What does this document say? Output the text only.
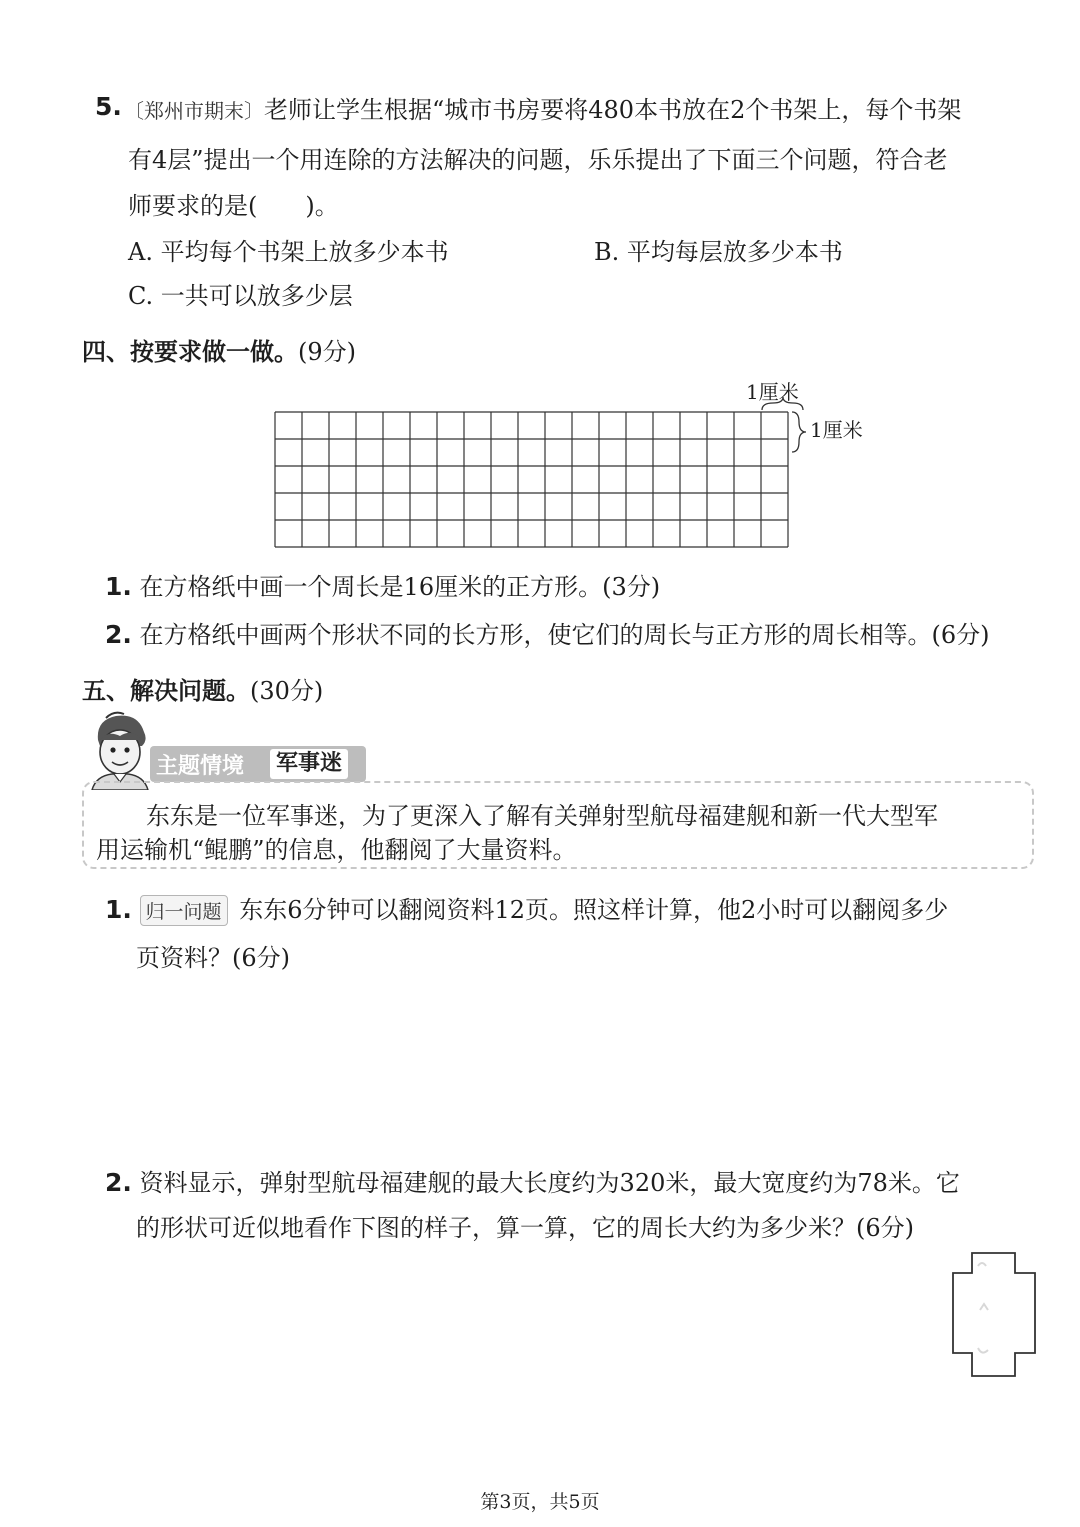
5. 〔郑州市期末〕老师让学生根据“城市书房要将480本书放在2个书架上，每个书架
有4层”提出一个用连除的方法解决的问题，乐乐提出了下面三个问题，符合老
师要求的是(　　)。
A. 平均每个书架上放多少本书	B. 平均每层放多少本书
C. 一共可以放多少层
四、按要求做一做。(9分)
1厘米
1厘米
1. 在方格纸中画一个周长是16厘米的正方形。(3分)
2. 在方格纸中画两个形状不同的长方形，使它们的周长与正方形的周长相等。(6分)
五、解决问题。(30分)
主题情境 军事迷
东东是一位军事迷，为了更深入了解有关弹射型航母福建舰和新一代大型军
用运输机“鲲鹏”的信息，他翻阅了大量资料。
1. 归一问题 东东6分钟可以翻阅资料12页。照这样计算，他2小时可以翻阅多少
页资料？(6分)
2. 资料显示，弹射型航母福建舰的最大长度约为320米，最大宽度约为78米。它
的形状可近似地看作下图的样子，算一算，它的周长大约为多少米？(6分)
第3页，共5页
